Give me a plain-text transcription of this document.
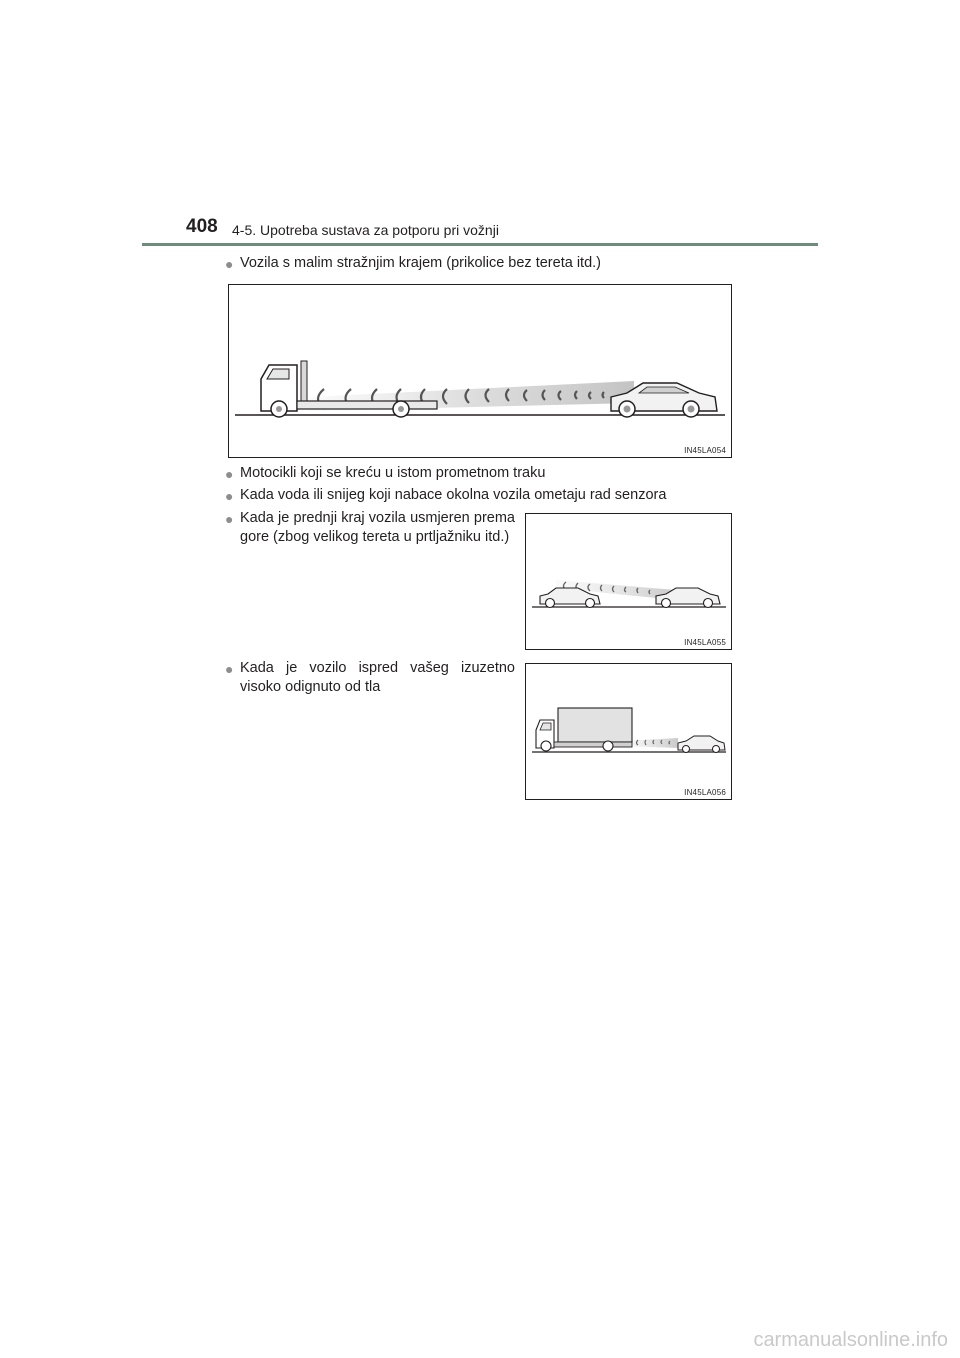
408 4-5. Upotreba sustava za potporu pri vožnji
● Vozila s malim stražnjim krajem (prikolice bez tereta itd.)
IN45LA054
● Motocikli koji se kreću u istom prometnom traku
● Kada voda ili snijeg koji nabace okolna vozila ometaju rad senzora
● Kada je prednji kraj vozila usmjeren prema gore (zbog velikog tereta u prtljažniku itd.)
IN45LA055
● Kada je vozilo ispred vašeg izuzetno visoko odignuto od tla
IN45LA056
carmanualsonline.info
